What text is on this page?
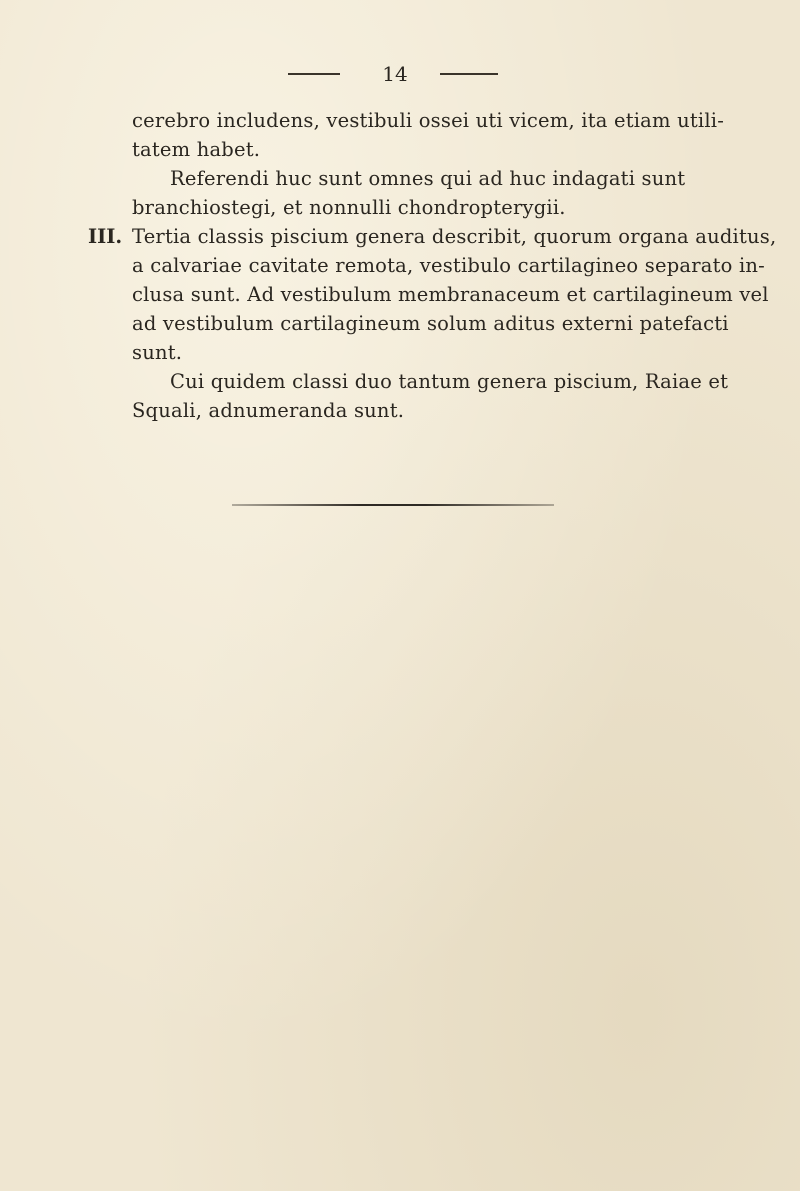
14
cerebro includens, vestibuli ossei uti vicem, ita etiam utili-
tatem habet.
Referendi huc sunt omnes qui ad huc indagati sunt
branchiostegi, et nonnulli chondropterygii.
III. Tertia classis piscium genera describit, quorum organa auditus,
a calvariae cavitate remota, vestibulo cartilagineo separato in-
clusa sunt. Ad vestibulum membranaceum et cartilagineum vel
ad vestibulum cartilagineum solum aditus externi patefacti
sunt.
Cui quidem classi duo tantum genera piscium, Raiae et
Squali, adnumeranda sunt.
